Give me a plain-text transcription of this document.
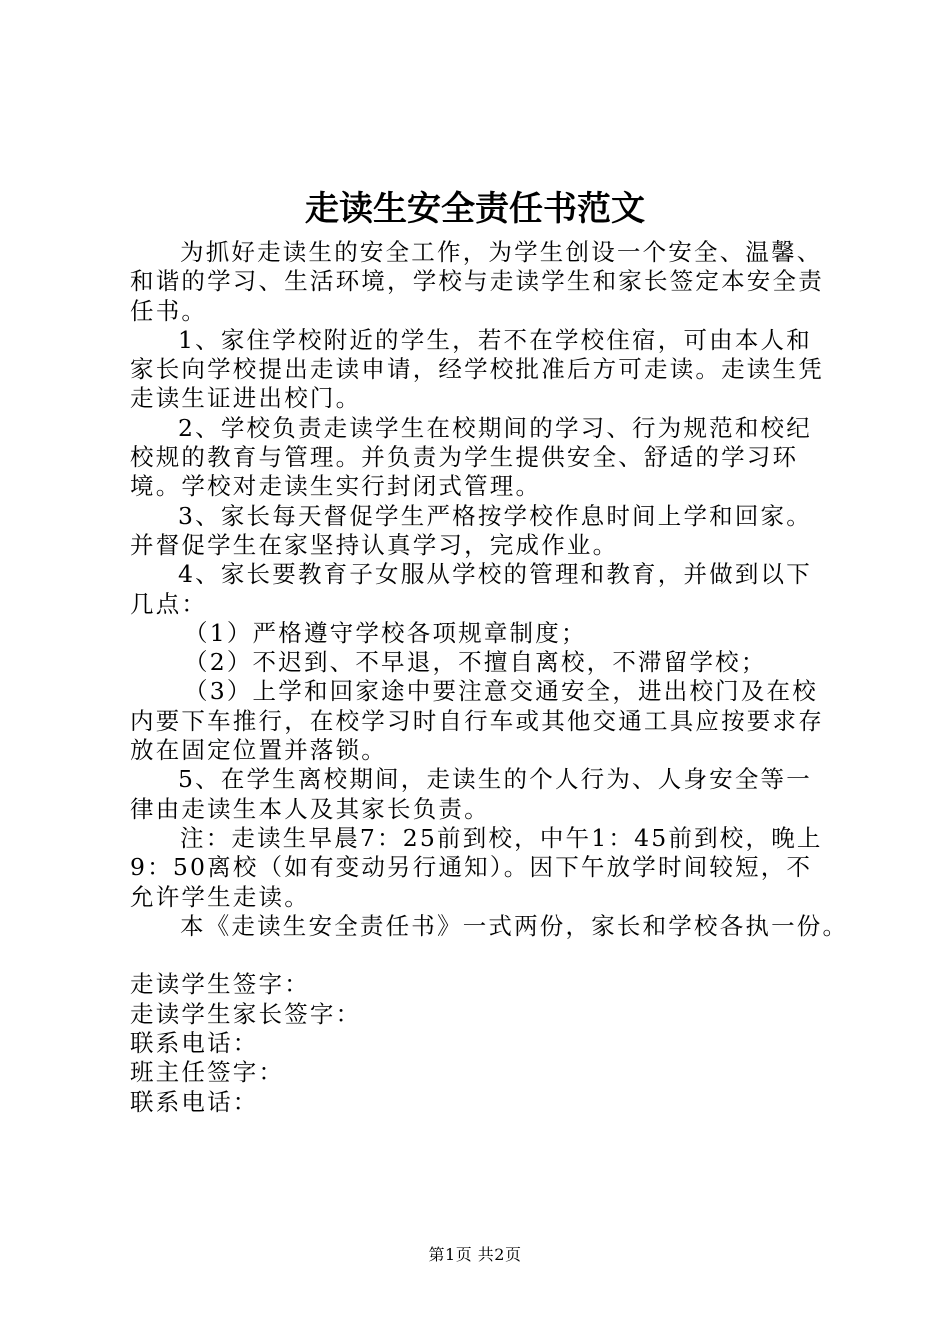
走读生安全责任书范文

为抓好走读生的安全工作，为学生创设一个安全、温馨、和谐的学习、生活环境，学校与走读学生和家长签定本安全责任书。

1、家住学校附近的学生，若不在学校住宿，可由本人和家长向学校提出走读申请，经学校批准后方可走读。走读生凭走读生证进出校门。

2、学校负责走读学生在校期间的学习、行为规范和校纪校规的教育与管理。并负责为学生提供安全、舒适的学习环境。学校对走读生实行封闭式管理。

3、家长每天督促学生严格按学校作息时间上学和回家。并督促学生在家坚持认真学习，完成作业。

4、家长要教育子女服从学校的管理和教育，并做到以下几点：

（1）严格遵守学校各项规章制度；

（2）不迟到、不早退，不擅自离校，不滞留学校；

（3）上学和回家途中要注意交通安全，进出校门及在校内要下车推行，在校学习时自行车或其他交通工具应按要求存放在固定位置并落锁。

5、在学生离校期间，走读生的个人行为、人身安全等一律由走读生本人及其家长负责。

注：走读生早晨7：25前到校，中午1：45前到校，晚上9：50离校（如有变动另行通知）。因下午放学时间较短，不允许学生走读。

本《走读生安全责任书》一式两份，家长和学校各执一份。

走读学生签字：

走读学生家长签字：

联系电话：

班主任签字：

联系电话：

第1页 共2页
